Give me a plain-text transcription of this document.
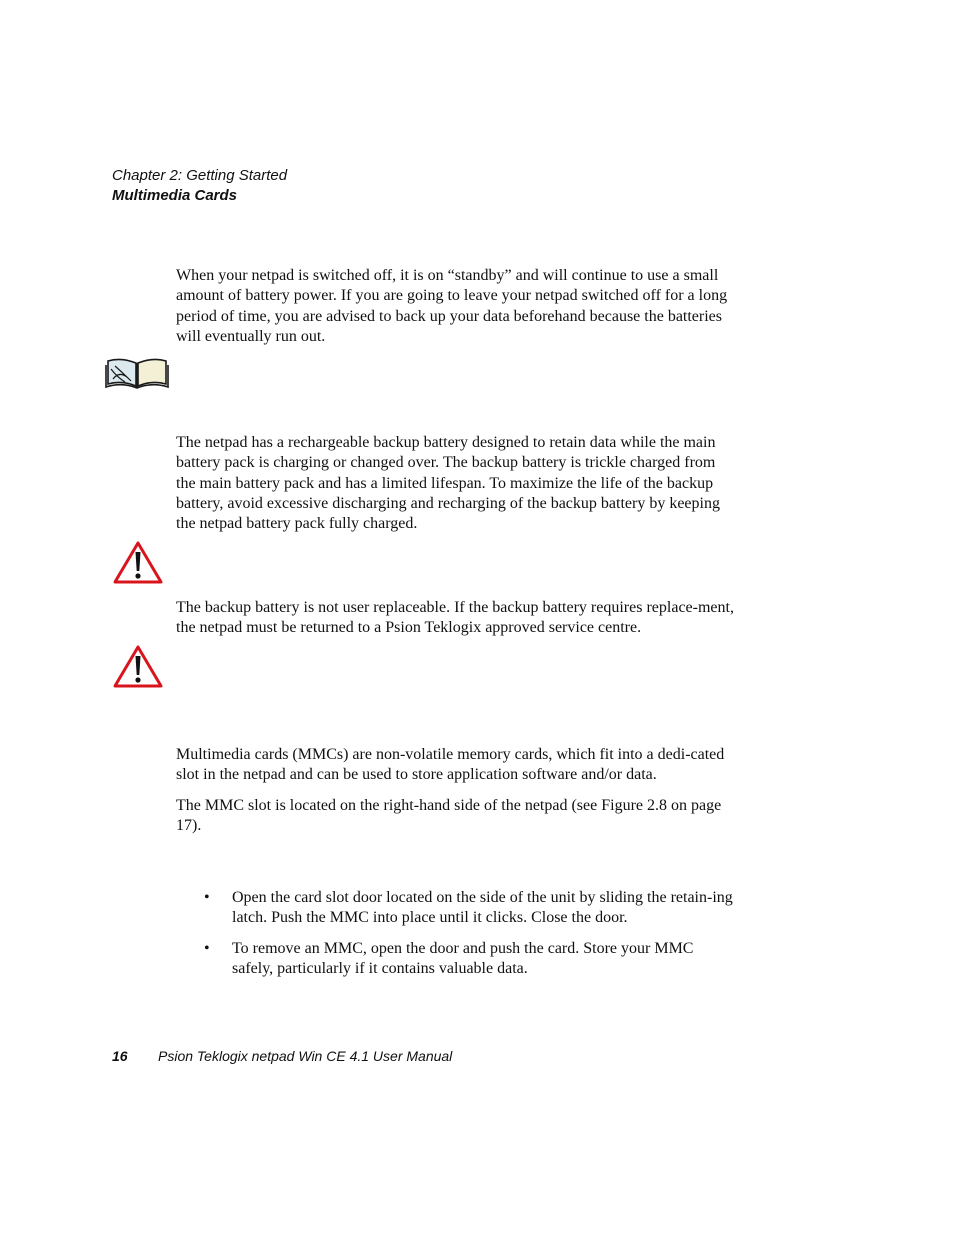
Chapter 2: Getting Started
Multimedia Cards

When your netpad is switched off, it is on “standby” and will continue to use a small amount of battery power. If you are going to leave your netpad switched off for a long period of time, you are advised to back up your data beforehand because the batteries will eventually run out.

The netpad has a rechargeable backup battery designed to retain data while the main battery pack is charging or changed over. The backup battery is trickle charged from the main battery pack and has a limited lifespan. To maximize the life of the backup battery, avoid excessive discharging and recharging of the backup battery by keeping the netpad battery pack fully charged.

The backup battery is not user replaceable. If the backup battery requires replace-ment, the netpad must be returned to a Psion Teklogix approved service centre.

Multimedia cards (MMCs) are non-volatile memory cards, which fit into a dedi-cated slot in the netpad and can be used to store application software and/or data.

The MMC slot is located on the right-hand side of the netpad (see Figure 2.8 on page 17).

• Open the card slot door located on the side of the unit by sliding the retain-ing latch. Push the MMC into place until it clicks. Close the door.
• To remove an MMC, open the door and push the card. Store your MMC safely, particularly if it contains valuable data.
16 Psion Teklogix netpad Win CE 4.1 User Manual
